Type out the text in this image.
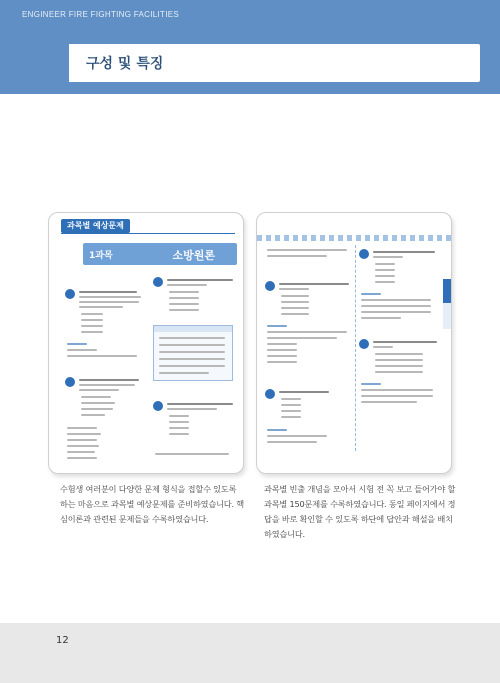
ENGINEER FIRE FIGHTING FACILITIES
구성 및 특징
과목별 예상문제
1과목	소방원론
수험생 여러분이 다양한 문제 형식을 접할수 있도록 하는 마음으로 과목별 예상문제를 준비하였습니다. 핵심이론과 관련된 문제들을 수록하였습니다.
과목별 빈출 개념을 모아서 시험 전 꼭 보고 들어가야 할 과목별 150문제를 수록하였습니다. 동일 페이지에서 정답을 바로 확인할 수 있도록 하단에 답안과 해설을 배치하였습니다.
12
